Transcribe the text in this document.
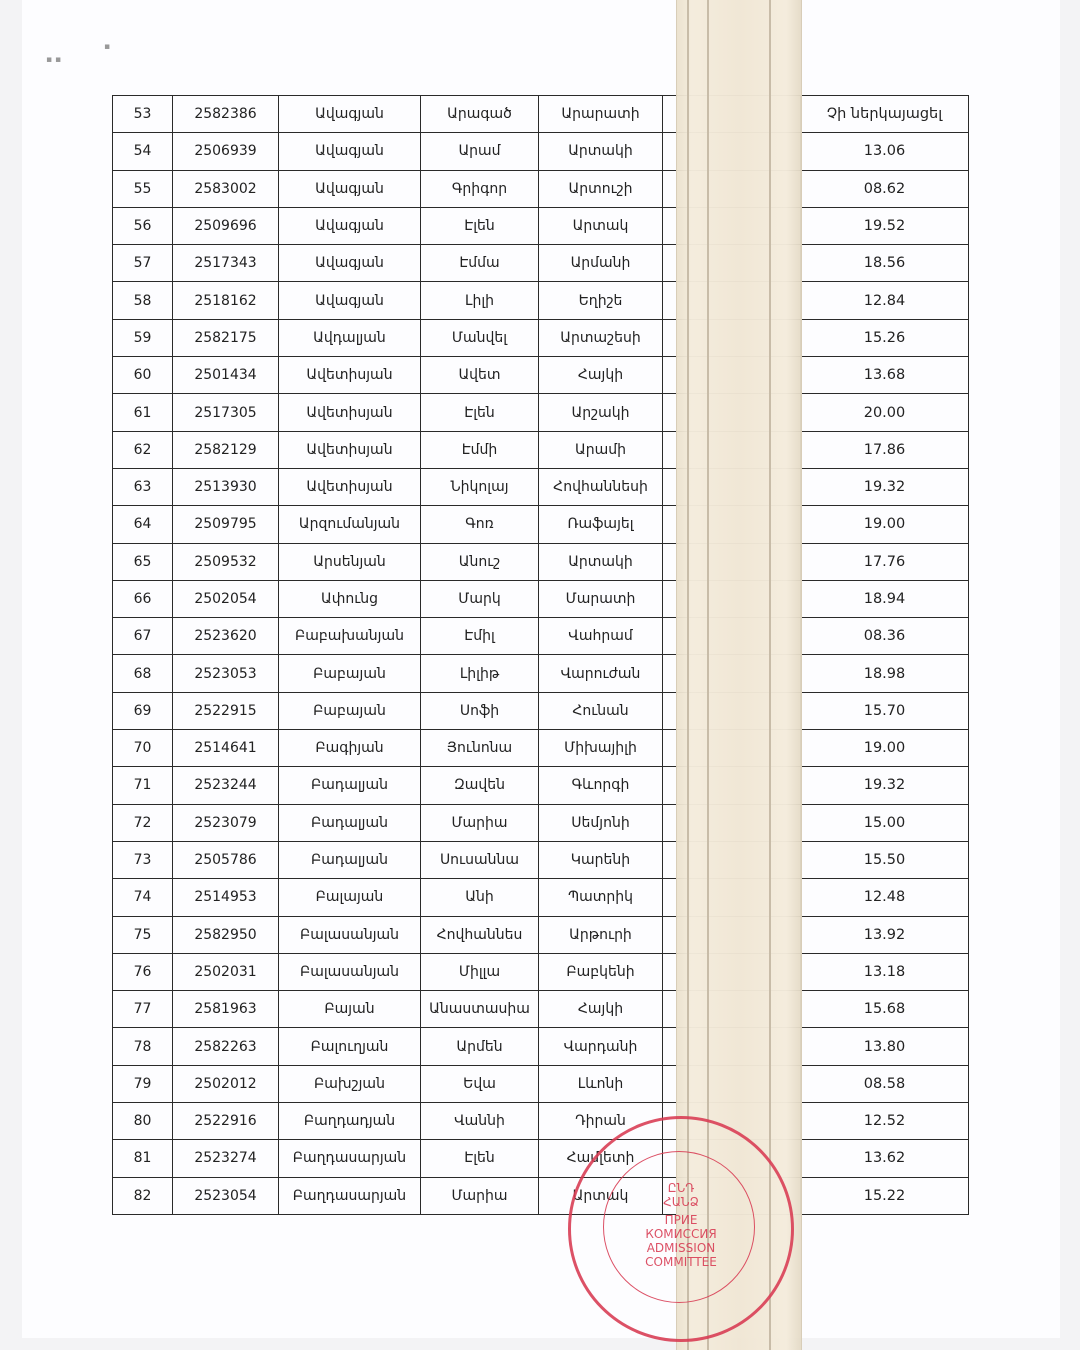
▪ ▪
▪
53	2582386	Ավագյան	Արագած	Արարատի		Չի ներկայացել
54	2506939	Ավագյան	Արամ	Արտակի		13.06
55	2583002	Ավագյան	Գրիգոր	Արտուշի		08.62
56	2509696	Ավագյան	Էլեն	Արտակ		19.52
57	2517343	Ավագյան	Էմմա	Արմանի		18.56
58	2518162	Ավագյան	Լիլի	Եղիշե		12.84
59	2582175	Ավդալյան	Մանվել	Արտաշեսի		15.26
60	2501434	Ավետիսյան	Ավետ	Հայկի		13.68
61	2517305	Ավետիսյան	Էլեն	Արշակի		20.00
62	2582129	Ավետիսյան	Էմմի	Արամի		17.86
63	2513930	Ավետիսյան	Նիկոլայ	Հովհաննեսի		19.32
64	2509795	Արզումանյան	Գոռ	Ռաֆայել		19.00
65	2509532	Արսենյան	Անուշ	Արտակի		17.76
66	2502054	Ափունց	Մարկ	Մարատի		18.94
67	2523620	Բաբախանյան	Էմիլ	Վահրամ		08.36
68	2523053	Բաբայան	Լիլիթ	Վարուժան		18.98
69	2522915	Բաբայան	Սոֆի	Հունան		15.70
70	2514641	Բագիյան	Յունոնա	Միխայիլի		19.00
71	2523244	Բադալյան	Զավեն	Գևորգի		19.32
72	2523079	Բադալյան	Մարիա	Սեմյոնի		15.00
73	2505786	Բադալյան	Սուսաննա	Կարենի		15.50
74	2514953	Բալայան	Անի	Պատրիկ		12.48
75	2582950	Բալասանյան	Հովհաննես	Արթուրի		13.92
76	2502031	Բալասանյան	Միլլա	Բաբկենի		13.18
77	2581963	Բայան	Անաստասիա	Հայկի		15.68
78	2582263	Բալուղյան	Արմեն	Վարդանի		13.80
79	2502012	Բախշյան	Եվա	Լևոնի		08.58
80	2522916	Բաղդադյան	Վաննի	Դիրան		12.52
81	2523274	Բաղդասարյան	Էլեն	Համլետի		13.62
82	2523054	Բաղդասարյան	Մարիա	Արտակ		15.22
ԸՆԴ
ՀԱՆՁ
ПРИЕ
КОМИССИЯ
ADMISSION
COMMITTEE
